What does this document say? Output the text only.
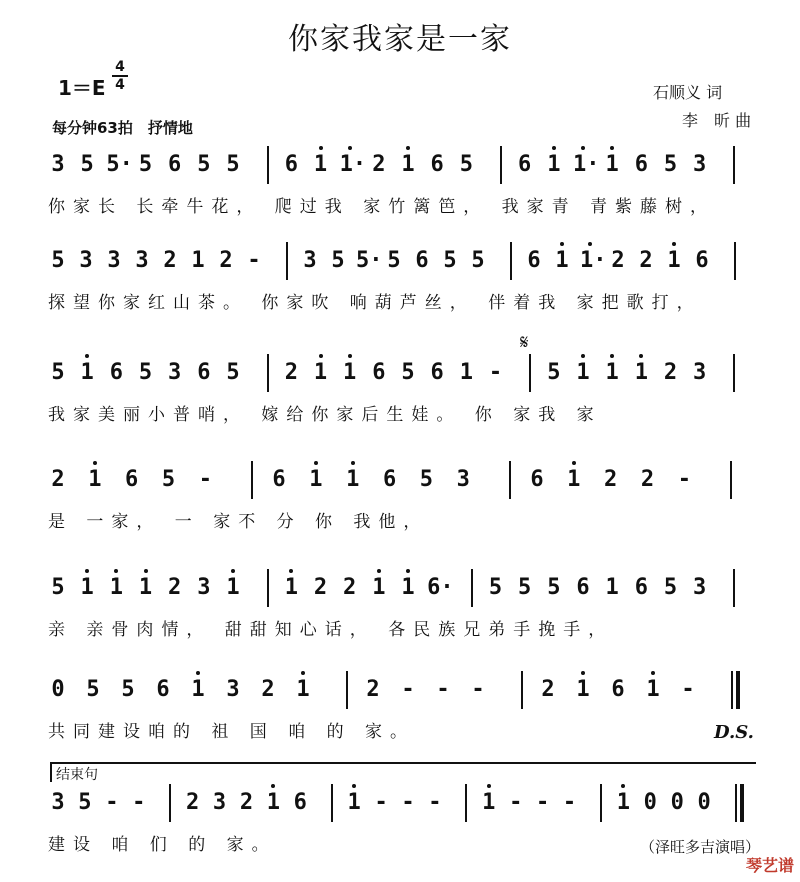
你家我家是一家
1＝E
4
4
每分钟63拍　抒情地
石顺义 词
李　昕 曲
3 5 5· 5 6 5 5 6 1 1· 2 1 6 5 6 1 1· 1 6 5 3
你家长 长牵牛花， 爬过我 家竹篱笆， 我家青 青紫藤树，
5 3 3 3 2 1 2 - 3 5 5· 5 6 5 5 6 1 1· 2 2 1 6
探望你家红山茶。 你家吹 响葫芦丝， 伴着我 家把歌打，
5 1 6 5 3 6 5 2 1 1 6 5 6 1 - 5 1 1 1 2 3
我家美丽小普哨， 嫁给你家后生娃。 你 家我 家
2 1 6 5 -	6 1 1 6 5 3	6 1 2 2 -
是 一家， 一 家不 分 你 我他，
5 1 1 1 2 3 1 1 2 2 1 1 6· 5 5 5 6 1 6 5 3
亲 亲骨肉情， 甜甜知心话， 各民族兄弟手挽手，
0 5 5 6 1 3 2 1	2 - - -	2 1 6 1 -
共同建设咱的 祖 国 咱 的 家。
3 5 - - 2 3 2 1 6 1 - - - 1 - - - 1 0 0 0
建设 咱 们 的 家。
D.S.
结束句
（泽旺多吉演唱）
琴艺谱
𝄋
